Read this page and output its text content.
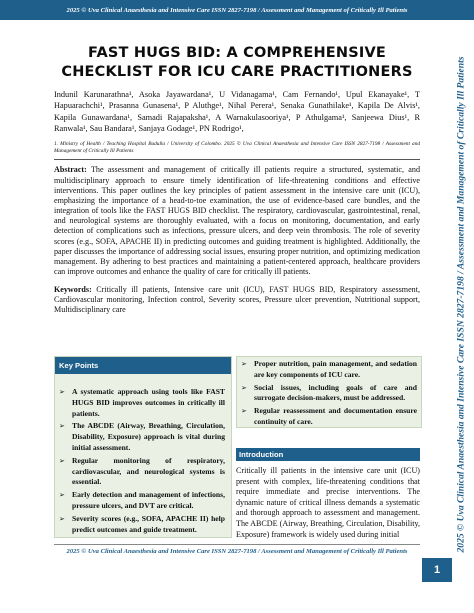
2025 © Uva Clinical Anaesthesia and Intensive Care ISSN 2827-7198 / Assessment and Management of Critically Ill Patients
2025 © Uva Clinical Anaesthesia and Intensive Care ISSN 2827-7198 / Assessment and Management of Critically Ill Patients
FAST HUGS BID: A COMPREHENSIVE CHECKLIST FOR ICU CARE PRACTITIONERS

Indunil Karunarathna¹, Asoka Jayawardana¹, U Vidanagama¹, Cam Fernando¹, Upul Ekanayake¹, T Hapuarachchi¹, Prasanna Gunasena¹, P Aluthge¹, Nihal Perera¹, Senaka Gunathilake¹, Kapila De Alvis¹, Kapila Gunawardana¹, Samadi Rajapaksha¹, A Warnakulasooriya¹, P Athulgama¹, Sanjeewa Dius¹, R Ranwala¹, Sau Bandara¹, Sanjaya Godage¹, PN Rodrigo¹,

1. Ministry of Health / Teaching Hospital Badulla / University of Colombo. 2025 © Uva Clinical Anaesthesia and Intensive Care ISSN 2827-7198 / Assessment and Management of Critically Ill Patients

Abstract: The assessment and management of critically ill patients require a structured, systematic, and multidisciplinary approach to ensure timely identification of life-threatening conditions and effective interventions. This paper outlines the key principles of patient assessment in the intensive care unit (ICU), emphasizing the importance of a head-to-toe examination, the use of evidence-based care bundles, and the integration of tools like the FAST HUGS BID checklist. The respiratory, cardiovascular, gastrointestinal, renal, and neurological systems are thoroughly evaluated, with a focus on monitoring, documentation, and early detection of complications such as infections, pressure ulcers, and deep vein thrombosis. The role of severity scores (e.g., SOFA, APACHE II) in predicting outcomes and guiding treatment is highlighted. Additionally, the paper discusses the importance of addressing social issues, ensuring proper nutrition, and optimizing medication management. By adhering to best practices and maintaining a patient-centered approach, healthcare providers can improve outcomes and enhance the quality of care for critically ill patients.

Keywords: Critically ill patients, Intensive care unit (ICU), FAST HUGS BID, Respiratory assessment, Cardiovascular monitoring, Infection control, Severity scores, Pressure ulcer prevention, Nutritional support, Multidisciplinary care

Key Points
➢ A systematic approach using tools like FAST HUGS BID improves outcomes in critically ill patients.
➢ The ABCDE (Airway, Breathing, Circulation, Disability, Exposure) approach is vital during initial assessment.
➢ Regular monitoring of respiratory, cardiovascular, and neurological systems is essential.
➢ Early detection and management of infections, pressure ulcers, and DVT are critical.
➢ Severity scores (e.g., SOFA, APACHE II) help predict outcomes and guide treatment.
➢ Proper nutrition, pain management, and sedation are key components of ICU care.
➢ Social issues, including goals of care and surrogate decision-makers, must be addressed.
➢ Regular reassessment and documentation ensure continuity of care.
Introduction

Critically ill patients in the intensive care unit (ICU) present with complex, life-threatening conditions that require immediate and precise interventions. The dynamic nature of critical illness demands a systematic and thorough approach to assessment and management. The ABCDE (Airway, Breathing, Circulation, Disability, Exposure) framework is widely used during initial

2025 © Uva Clinical Anaesthesia and Intensive Care ISSN 2827-7198 / Assessment and Management of Critically Ill Patients
1
